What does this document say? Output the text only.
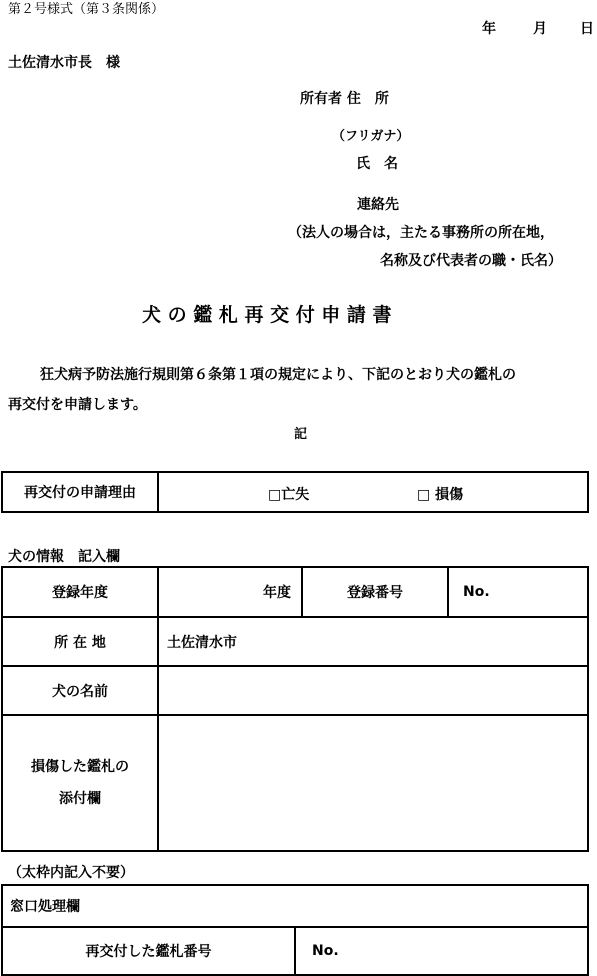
第２号様式（第３条関係）
年	月 日
土佐清水市長　様
所有者 住　所
（フリガナ）
氏　名
連絡先
（法人の場合は，主たる事務所の所在地，
名称及び代表者の職・氏名）
犬 の 鑑 札 再 交 付 申 請 書
狂犬病予防法施行規則第６条第１項の規定により、下記のとおり犬の鑑札の
再交付を申請します。
記
再交付の申請理由	□亡失	□ 損傷
犬の情報　記入欄
登録年度	年度	登録番号	No.
所 在 地	土佐清水市		
犬の名前			

損傷した鑑札の
添付欄			

（太枠内記入不要）
窓口処理欄
再交付した鑑札番号	No.
